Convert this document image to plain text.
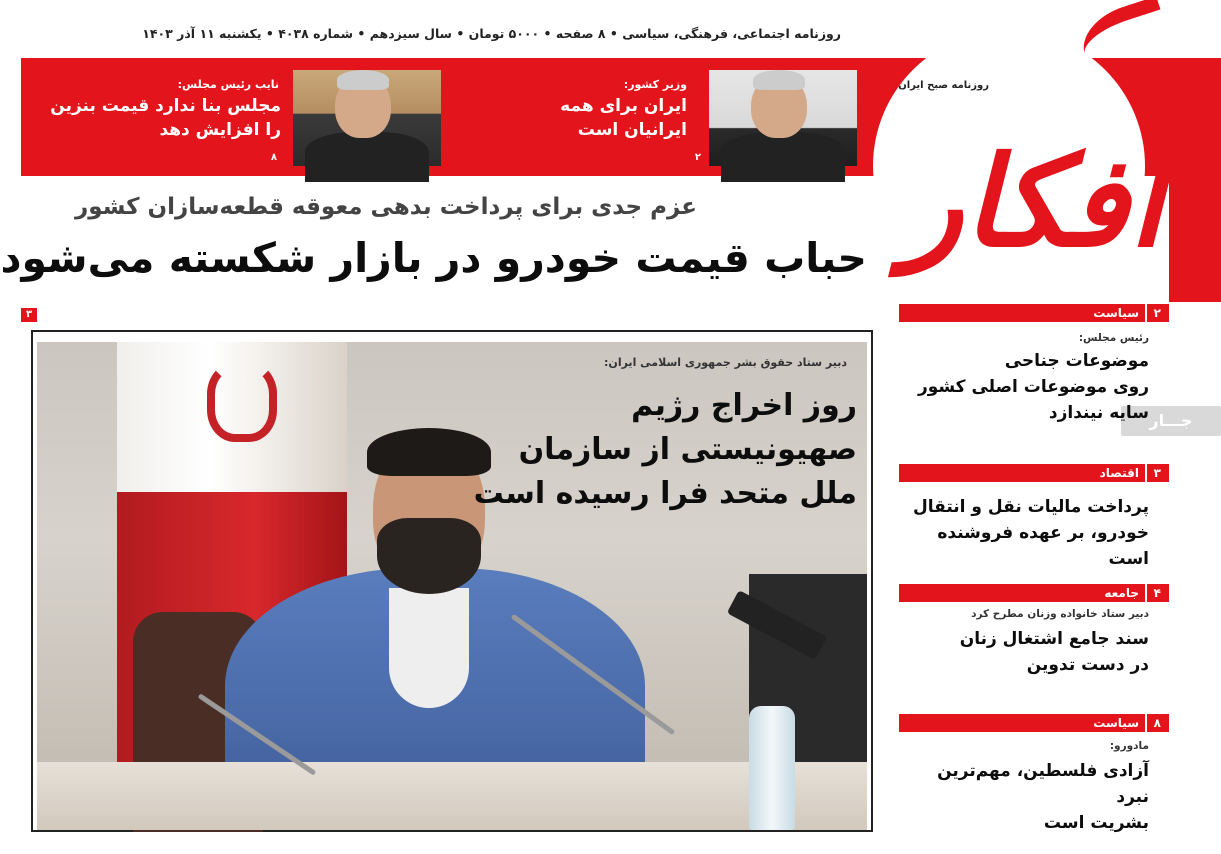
روزنامه اجتماعی، فرهنگی، سیاسی • ۸ صفحه • ۵۰۰۰ تومان • سال سیزدهم • شماره ۴۰۳۸ • یکشنبه ۱۱ آذر ۱۴۰۳
وزیر کشور:
ایران برای همه
ایرانیان است
۲
نایب رئیس مجلس:
مجلس بنا ندارد قیمت بنزین
را افزایش دهد
۸
روزنامه صبح ایران
افکار
عزم جدی برای پرداخت بدهی معوقه قطعه‌سازان کشور
حباب قیمت خودرو در بازار شکسته می‌شود
۳
دبیر ستاد حقوق بشر جمهوری اسلامی ایران:
روز اخراج رژیم
صهیونیستی از سازمان
ملل متحد فرا رسیده است
جـــار
۲
سیاست
رئیس مجلس:
موضوعات جناحی
روی موضوعات اصلی کشور
سایه نیندازد
۳
اقتصاد
پرداخت مالیات نقل و انتقال
خودرو، بر عهده فروشنده است
۴
جامعه
دبیر ستاد خانواده وزنان مطرح کرد
سند جامع اشتغال زنان
در دست تدوین
۸
سیاست
مادورو:
آزادی فلسطین، مهم‌ترین نبرد
بشریت است
